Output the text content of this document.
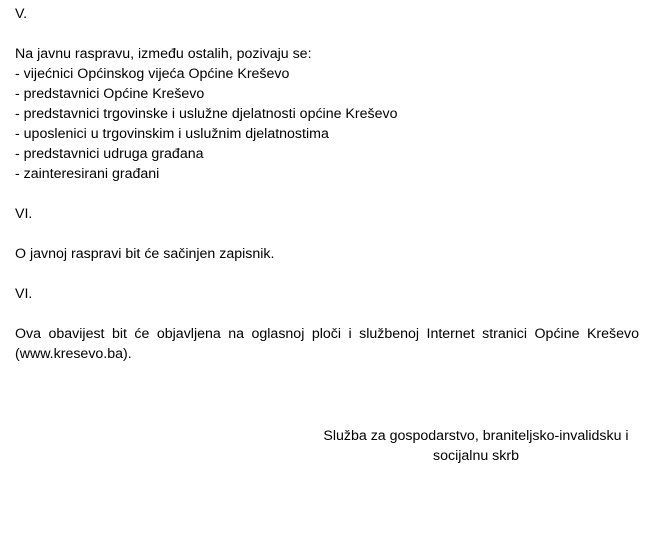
V.

Na javnu raspravu, između ostalih, pozivaju se:

- vijećnici Općinskog vijeća Općine Kreševo

- predstavnici Općine Kreševo

- predstavnici trgovinske i uslužne djelatnosti općine Kreševo

- uposlenici u trgovinskim i uslužnim djelatnostima

- predstavnici udruga građana

- zainteresirani građani

VI.

O javnoj raspravi bit će sačinjen zapisnik.

VI.

Ova obavijest bit će objavljena na oglasnoj ploči i službenoj Internet stranici Općine Kreševo

(www.kresevo.ba).

Služba za gospodarstvo, braniteljsko-invalidsku i

socijalnu skrb
